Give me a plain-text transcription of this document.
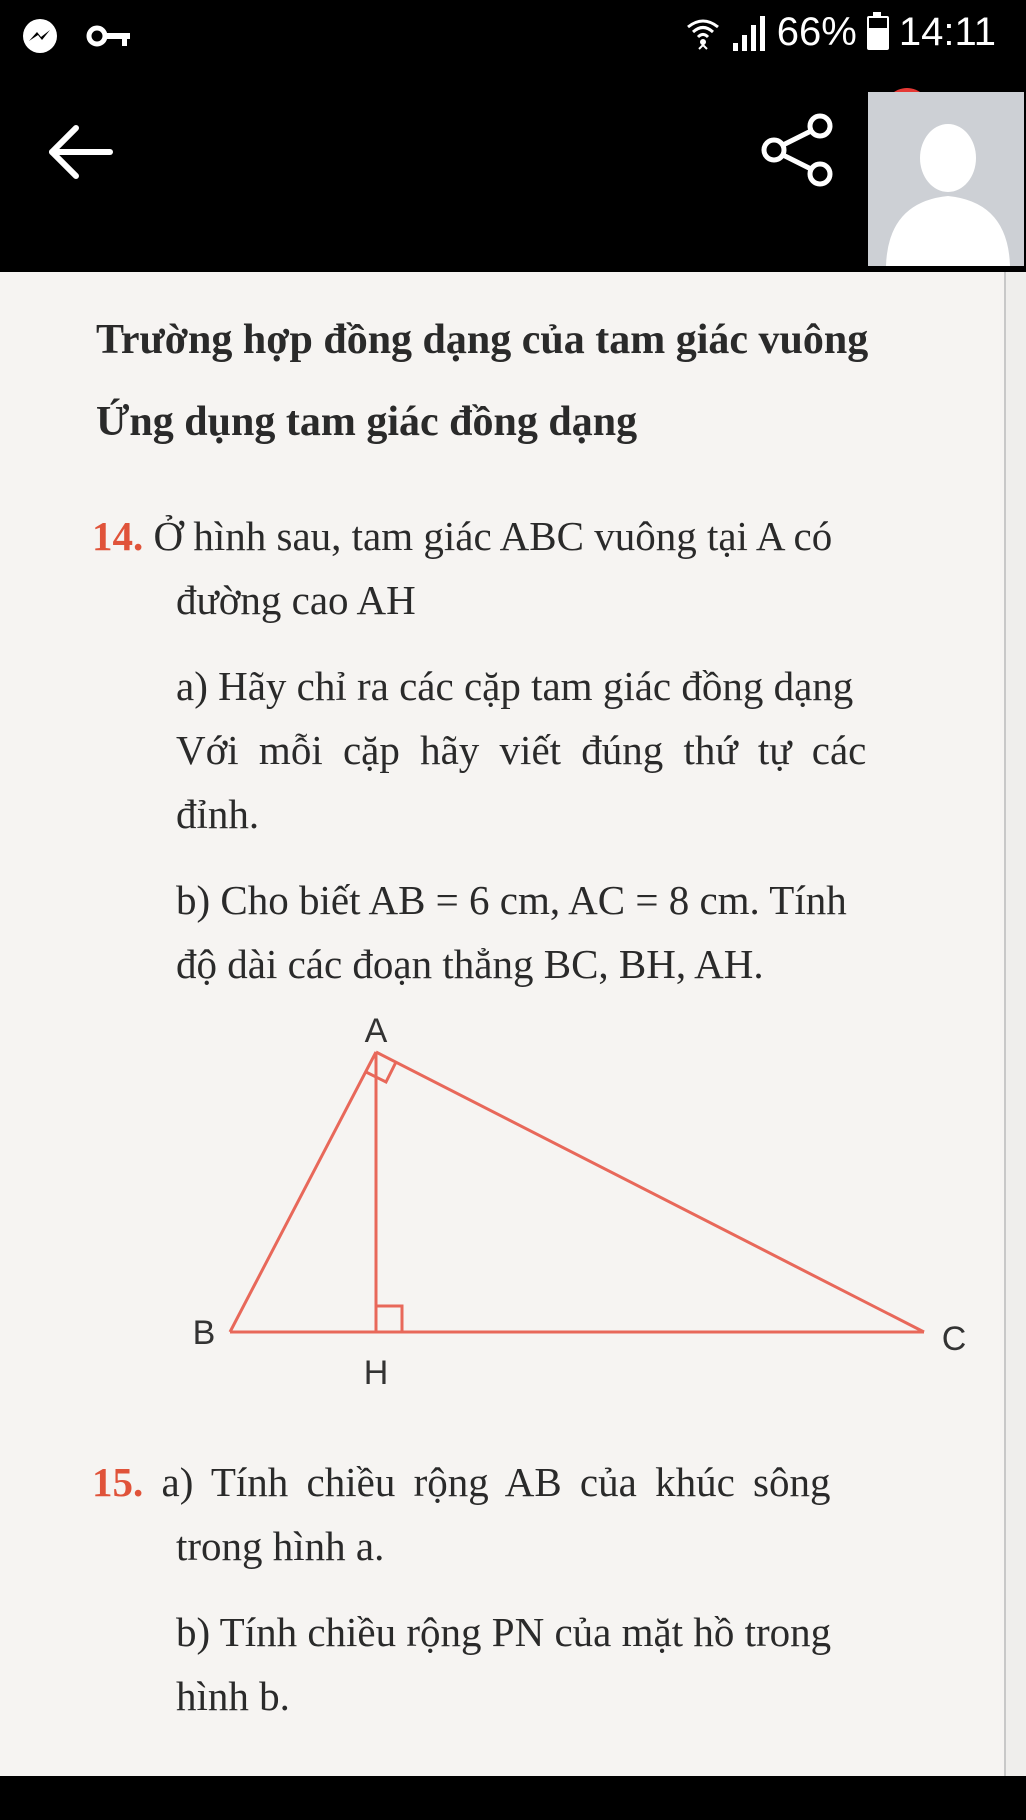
66% 14:11
Trường hợp đồng dạng của tam giác vuông
Ứng dụng tam giác đồng dạng
14. Ở hình sau, tam giác ABC vuông tại A có
đường cao AH
a) Hãy chỉ ra các cặp tam giác đồng dạng
Với mỗi cặp hãy viết đúng thứ tự các
đỉnh.
b) Cho biết AB = 6 cm, AC = 8 cm. Tính
độ dài các đoạn thẳng BC, BH, AH.
A
B	C
H
15. a) Tính chiều rộng AB của khúc sông
trong hình a.
b) Tính chiều rộng PN của mặt hồ trong
hình b.
